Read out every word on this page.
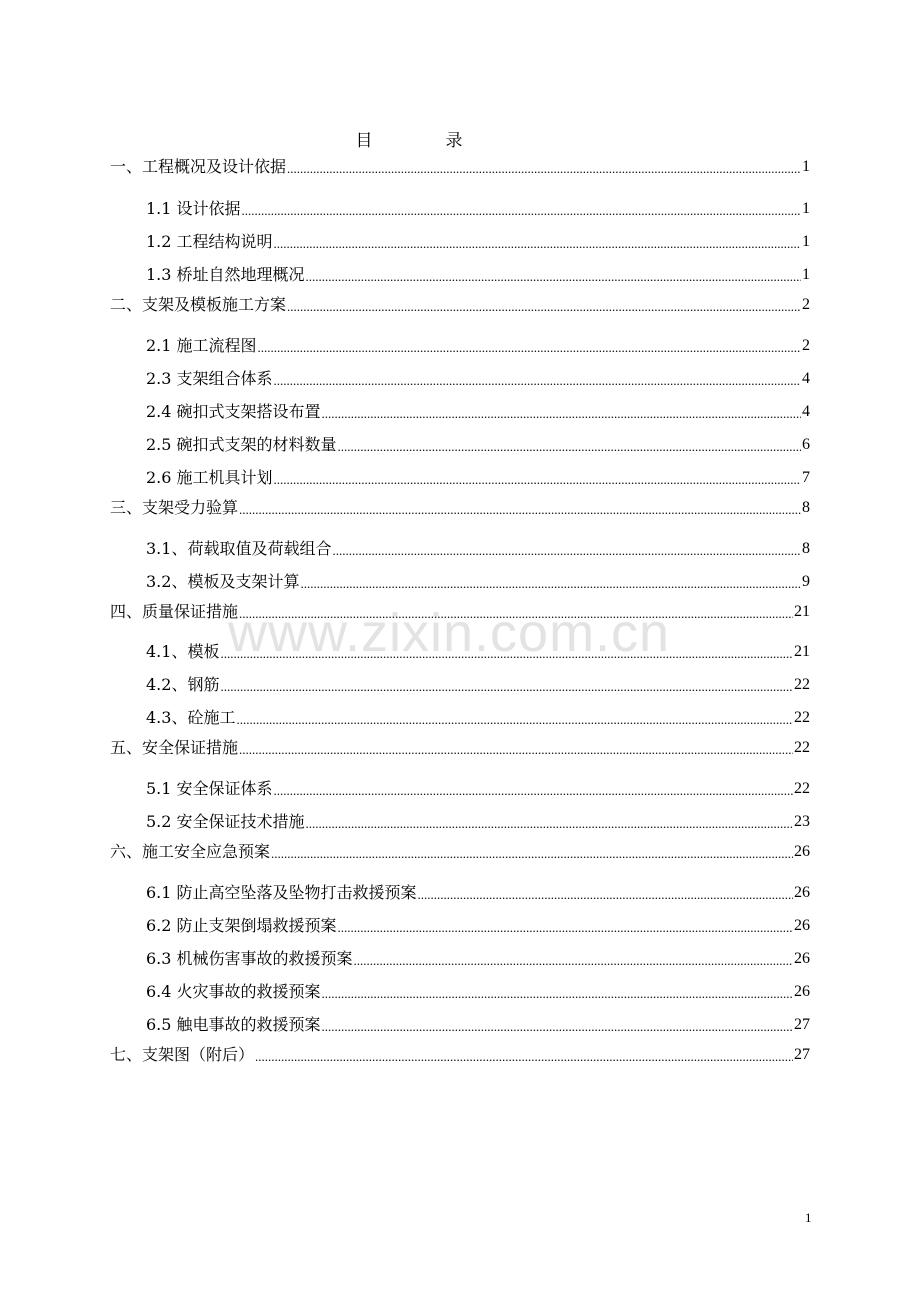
www.zixin.com.cn
目　录
一、工程概况及设计依据 .....	1
1.1 设计依据 .....	1
1.2 工程结构说明 .....	1
1.3 桥址自然地理概况 .....	1
二、支架及模板施工方案 .....	2
2.1 施工流程图 .....	2
2.3 支架组合体系 .....	4
2.4 碗扣式支架搭设布置 .....	4
2.5 碗扣式支架的材料数量 .....	6
2.6 施工机具计划 .....	7
三、支架受力验算 .....	8
3.1、荷载取值及荷载组合 .....	8
3.2、模板及支架计算 .....	9
四、质量保证措施 .....	21
4.1、模板 .....	21
4.2、钢筋 .....	22
4.3、砼施工 .....	22
五、安全保证措施 .....	22
5.1 安全保证体系 .....	22
5.2 安全保证技术措施 .....	23
六、施工安全应急预案 .....	26
6.1 防止高空坠落及坠物打击救援预案 .....	26
6.2 防止支架倒塌救援预案 .....	26
6.3 机械伤害事故的救援预案 .....	26
6.4 火灾事故的救援预案 .....	26
6.5 触电事故的救援预案 .....	27
七、支架图（附后） .....	27
1
